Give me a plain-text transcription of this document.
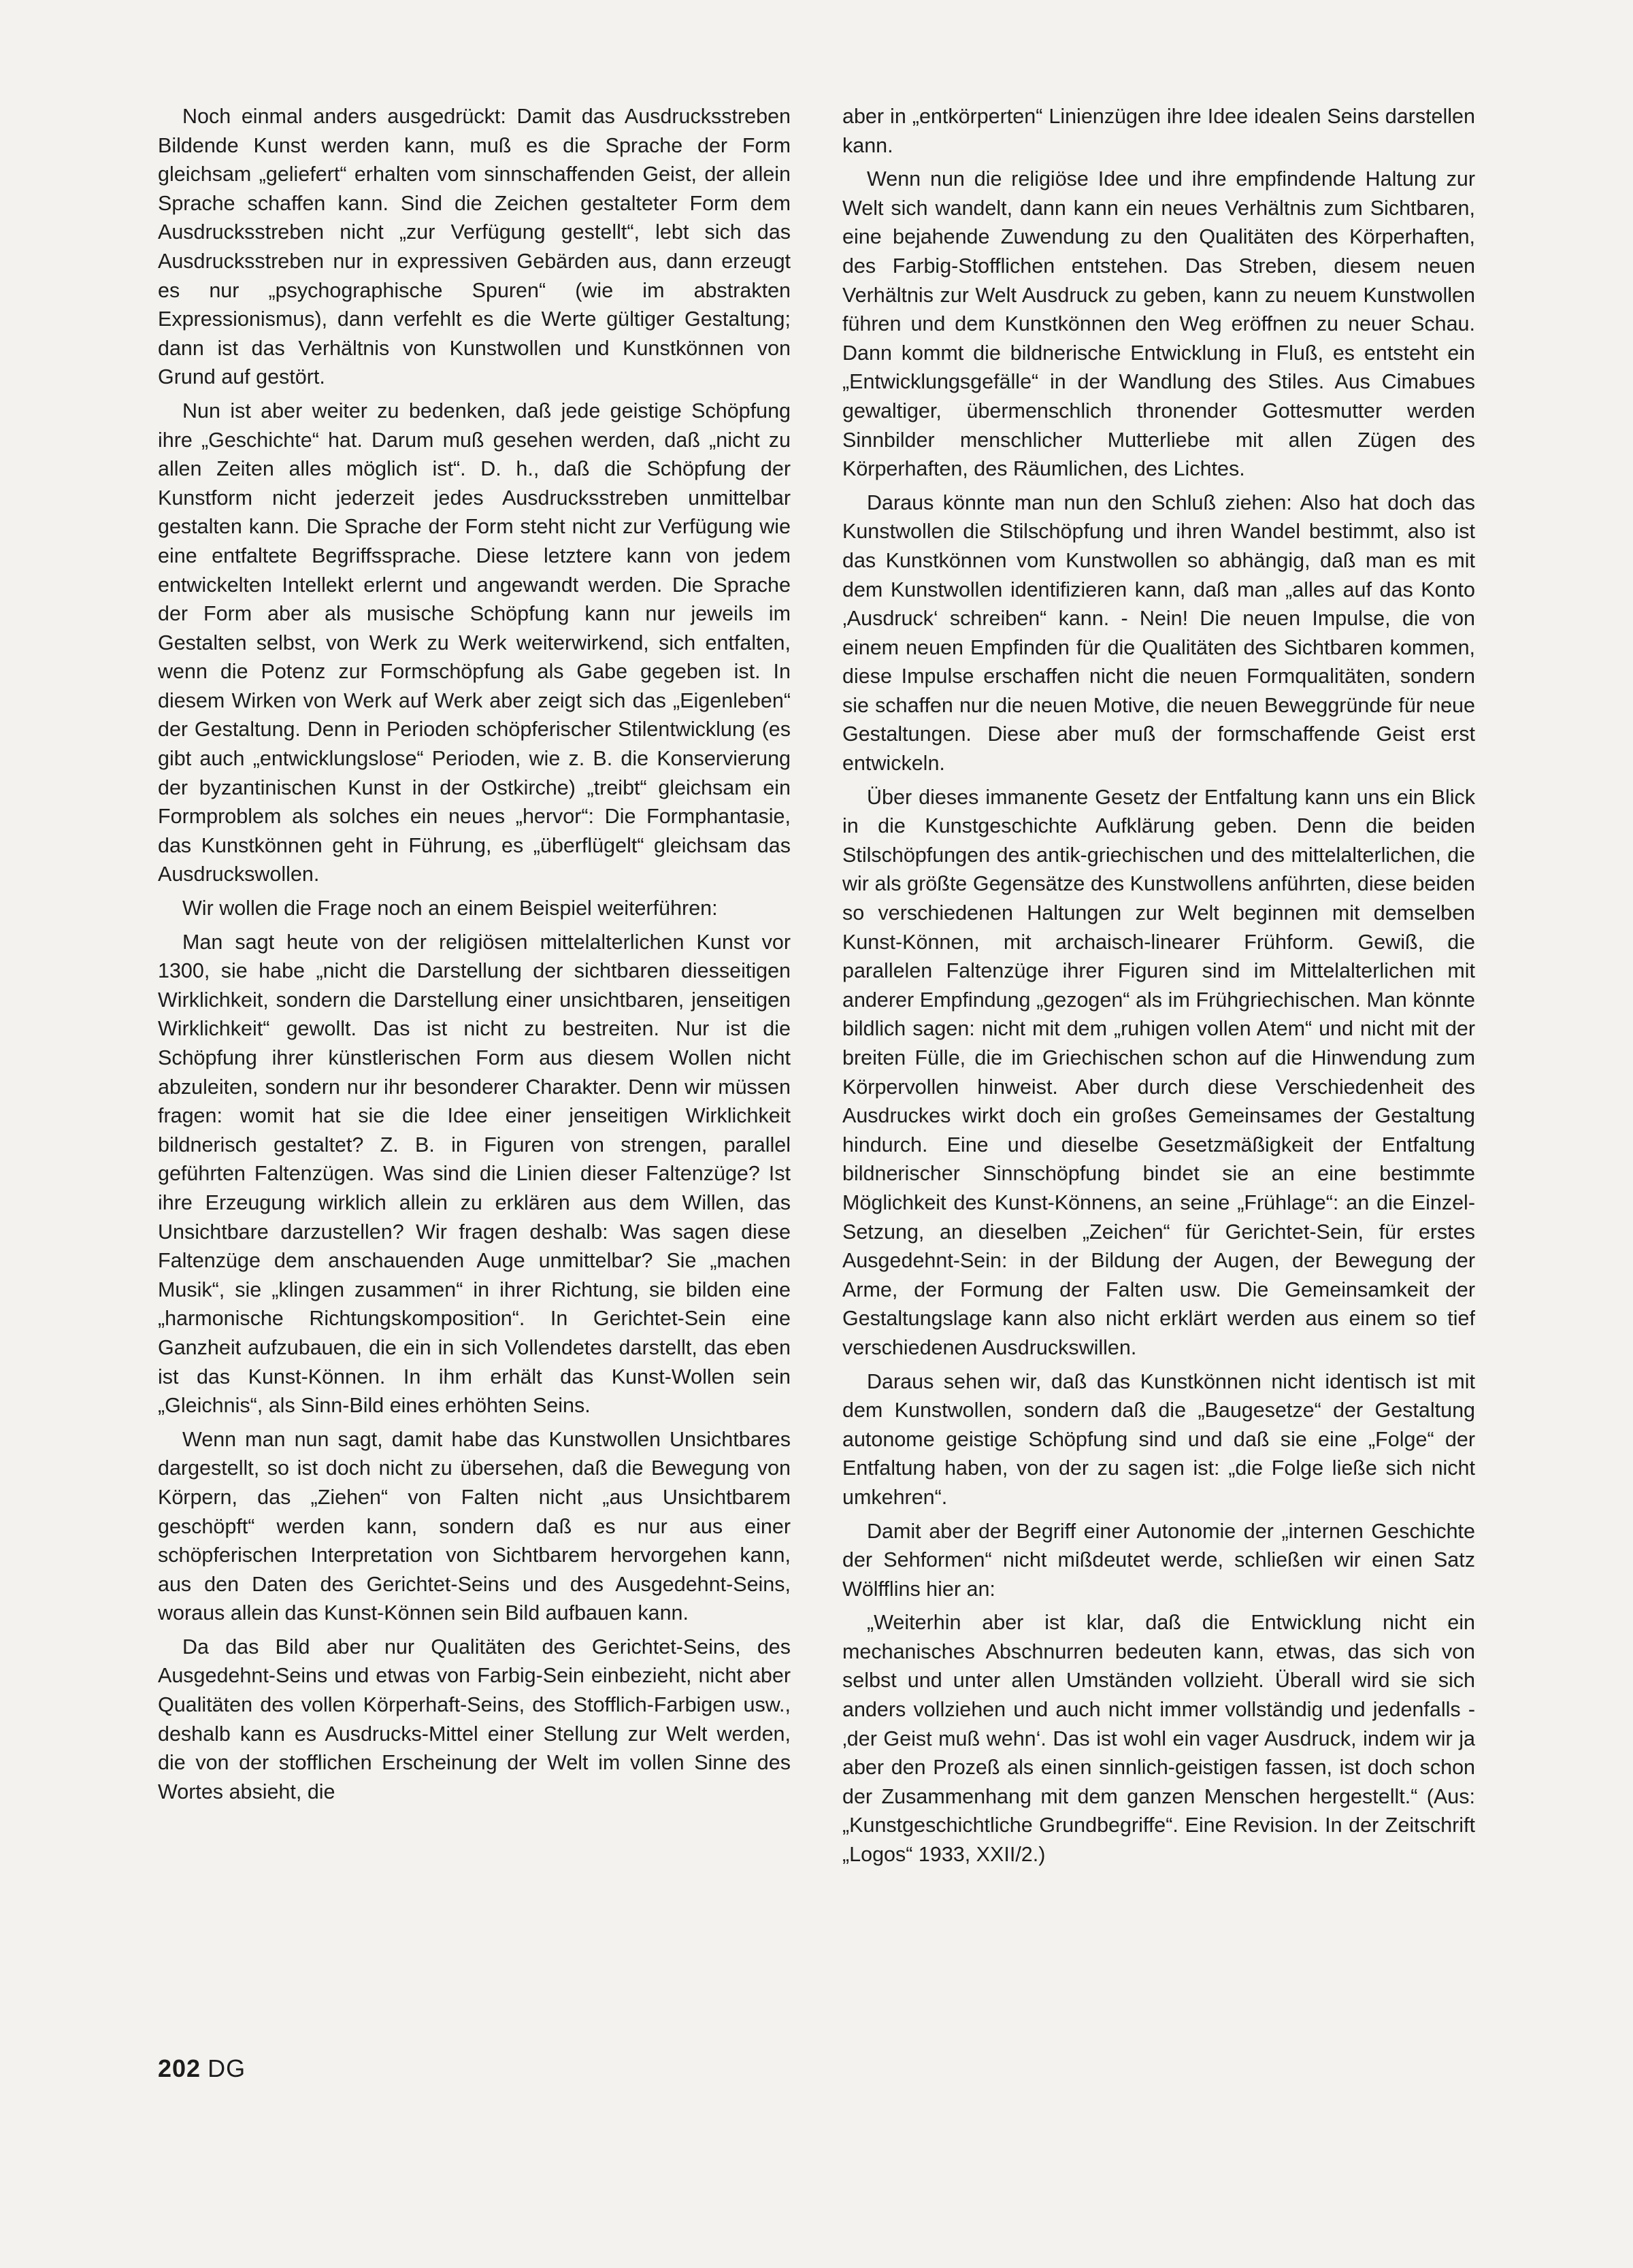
Noch einmal anders ausgedrückt: Damit das Ausdrucksstreben Bildende Kunst werden kann, muß es die Sprache der Form gleichsam „geliefert“ erhalten vom sinnschaffenden Geist, der allein Sprache schaffen kann. Sind die Zeichen gestalteter Form dem Ausdrucksstreben nicht „zur Verfügung gestellt“, lebt sich das Ausdrucksstreben nur in expressiven Gebärden aus, dann erzeugt es nur „psychographische Spuren“ (wie im abstrakten Expressionismus), dann verfehlt es die Werte gültiger Gestaltung; dann ist das Verhältnis von Kunstwollen und Kunstkönnen von Grund auf gestört.

Nun ist aber weiter zu bedenken, daß jede geistige Schöpfung ihre „Geschichte“ hat. Darum muß gesehen werden, daß „nicht zu allen Zeiten alles möglich ist“. D. h., daß die Schöpfung der Kunstform nicht jederzeit jedes Ausdrucksstreben unmittelbar gestalten kann. Die Sprache der Form steht nicht zur Verfügung wie eine entfaltete Begriffssprache. Diese letztere kann von jedem entwickelten Intellekt erlernt und angewandt werden. Die Sprache der Form aber als musische Schöpfung kann nur jeweils im Gestalten selbst, von Werk zu Werk weiterwirkend, sich entfalten, wenn die Potenz zur Formschöpfung als Gabe gegeben ist. In diesem Wirken von Werk auf Werk aber zeigt sich das „Eigenleben“ der Gestaltung. Denn in Perioden schöpferischer Stilentwicklung (es gibt auch „entwicklungslose“ Perioden, wie z. B. die Konservierung der byzantinischen Kunst in der Ostkirche) „treibt“ gleichsam ein Formproblem als solches ein neues „hervor“: Die Formphantasie, das Kunstkönnen geht in Führung, es „überflügelt“ gleichsam das Ausdruckswollen.

Wir wollen die Frage noch an einem Beispiel weiterführen:

Man sagt heute von der religiösen mittelalterlichen Kunst vor 1300, sie habe „nicht die Darstellung der sichtbaren diesseitigen Wirklichkeit, sondern die Darstellung einer unsichtbaren, jenseitigen Wirklichkeit“ gewollt. Das ist nicht zu bestreiten. Nur ist die Schöpfung ihrer künstlerischen Form aus diesem Wollen nicht abzuleiten, sondern nur ihr besonderer Charakter. Denn wir müssen fragen: womit hat sie die Idee einer jenseitigen Wirklichkeit bildnerisch gestaltet? Z. B. in Figuren von strengen, parallel geführten Faltenzügen. Was sind die Linien dieser Faltenzüge? Ist ihre Erzeugung wirklich allein zu erklären aus dem Willen, das Unsichtbare darzustellen? Wir fragen deshalb: Was sagen diese Faltenzüge dem anschauenden Auge unmittelbar? Sie „machen Musik“, sie „klingen zusammen“ in ihrer Richtung, sie bilden eine „harmonische Richtungskomposition“. In Gerichtet-Sein eine Ganzheit aufzubauen, die ein in sich Vollendetes darstellt, das eben ist das Kunst-Können. In ihm erhält das Kunst-Wollen sein „Gleichnis“, als Sinn-Bild eines erhöhten Seins.

Wenn man nun sagt, damit habe das Kunstwollen Unsichtbares dargestellt, so ist doch nicht zu übersehen, daß die Bewegung von Körpern, das „Ziehen“ von Falten nicht „aus Unsichtbarem geschöpft“ werden kann, sondern daß es nur aus einer schöpferischen Interpretation von Sichtbarem hervorgehen kann, aus den Daten des Gerichtet-Seins und des Ausgedehnt-Seins, woraus allein das Kunst-Können sein Bild aufbauen kann.

Da das Bild aber nur Qualitäten des Gerichtet-Seins, des Ausgedehnt-Seins und etwas von Farbig-Sein einbezieht, nicht aber Qualitäten des vollen Körperhaft-Seins, des Stofflich-Farbigen usw., deshalb kann es Ausdrucks-Mittel einer Stellung zur Welt werden, die von der stofflichen Erscheinung der Welt im vollen Sinne des Wortes absieht, die

aber in „entkörperten“ Linienzügen ihre Idee idealen Seins darstellen kann.

Wenn nun die religiöse Idee und ihre empfindende Haltung zur Welt sich wandelt, dann kann ein neues Verhältnis zum Sichtbaren, eine bejahende Zuwendung zu den Qualitäten des Körperhaften, des Farbig-Stofflichen entstehen. Das Streben, diesem neuen Verhältnis zur Welt Ausdruck zu geben, kann zu neuem Kunstwollen führen und dem Kunstkönnen den Weg eröffnen zu neuer Schau. Dann kommt die bildnerische Entwicklung in Fluß, es entsteht ein „Entwicklungsgefälle“ in der Wandlung des Stiles. Aus Cimabues gewaltiger, übermenschlich thronender Gottesmutter werden Sinnbilder menschlicher Mutterliebe mit allen Zügen des Körperhaften, des Räumlichen, des Lichtes.

Daraus könnte man nun den Schluß ziehen: Also hat doch das Kunstwollen die Stilschöpfung und ihren Wandel bestimmt, also ist das Kunstkönnen vom Kunstwollen so abhängig, daß man es mit dem Kunstwollen identifizieren kann, daß man „alles auf das Konto ‚Ausdruck‘ schreiben“ kann. - Nein! Die neuen Impulse, die von einem neuen Empfinden für die Qualitäten des Sichtbaren kommen, diese Impulse erschaffen nicht die neuen Formqualitäten, sondern sie schaffen nur die neuen Motive, die neuen Beweggründe für neue Gestaltungen. Diese aber muß der formschaffende Geist erst entwickeln.

Über dieses immanente Gesetz der Entfaltung kann uns ein Blick in die Kunstgeschichte Aufklärung geben. Denn die beiden Stilschöpfungen des antik-griechischen und des mittelalterlichen, die wir als größte Gegensätze des Kunstwollens anführten, diese beiden so verschiedenen Haltungen zur Welt beginnen mit demselben Kunst-Können, mit archaisch-linearer Frühform. Gewiß, die parallelen Faltenzüge ihrer Figuren sind im Mittelalterlichen mit anderer Empfindung „gezogen“ als im Frühgriechischen. Man könnte bildlich sagen: nicht mit dem „ruhigen vollen Atem“ und nicht mit der breiten Fülle, die im Griechischen schon auf die Hinwendung zum Körpervollen hinweist. Aber durch diese Verschiedenheit des Ausdruckes wirkt doch ein großes Gemeinsames der Gestaltung hindurch. Eine und dieselbe Gesetzmäßigkeit der Entfaltung bildnerischer Sinnschöpfung bindet sie an eine bestimmte Möglichkeit des Kunst-Könnens, an seine „Frühlage“: an die Einzel-Setzung, an dieselben „Zeichen“ für Gerichtet-Sein, für erstes Ausgedehnt-Sein: in der Bildung der Augen, der Bewegung der Arme, der Formung der Falten usw. Die Gemeinsamkeit der Gestaltungslage kann also nicht erklärt werden aus einem so tief verschiedenen Ausdruckswillen.

Daraus sehen wir, daß das Kunstkönnen nicht identisch ist mit dem Kunstwollen, sondern daß die „Baugesetze“ der Gestaltung autonome geistige Schöpfung sind und daß sie eine „Folge“ der Entfaltung haben, von der zu sagen ist: „die Folge ließe sich nicht umkehren“.

Damit aber der Begriff einer Autonomie der „internen Geschichte der Sehformen“ nicht mißdeutet werde, schließen wir einen Satz Wölfflins hier an:

„Weiterhin aber ist klar, daß die Entwicklung nicht ein mechanisches Abschnurren bedeuten kann, etwas, das sich von selbst und unter allen Umständen vollzieht. Überall wird sie sich anders vollziehen und auch nicht immer vollständig und jedenfalls - ‚der Geist muß wehn‘. Das ist wohl ein vager Ausdruck, indem wir ja aber den Prozeß als einen sinnlich-geistigen fassen, ist doch schon der Zusammenhang mit dem ganzen Menschen hergestellt.“ (Aus: „Kunstgeschichtliche Grundbegriffe“. Eine Revision. In der Zeitschrift „Logos“ 1933, XXII/2.)

202 DG
